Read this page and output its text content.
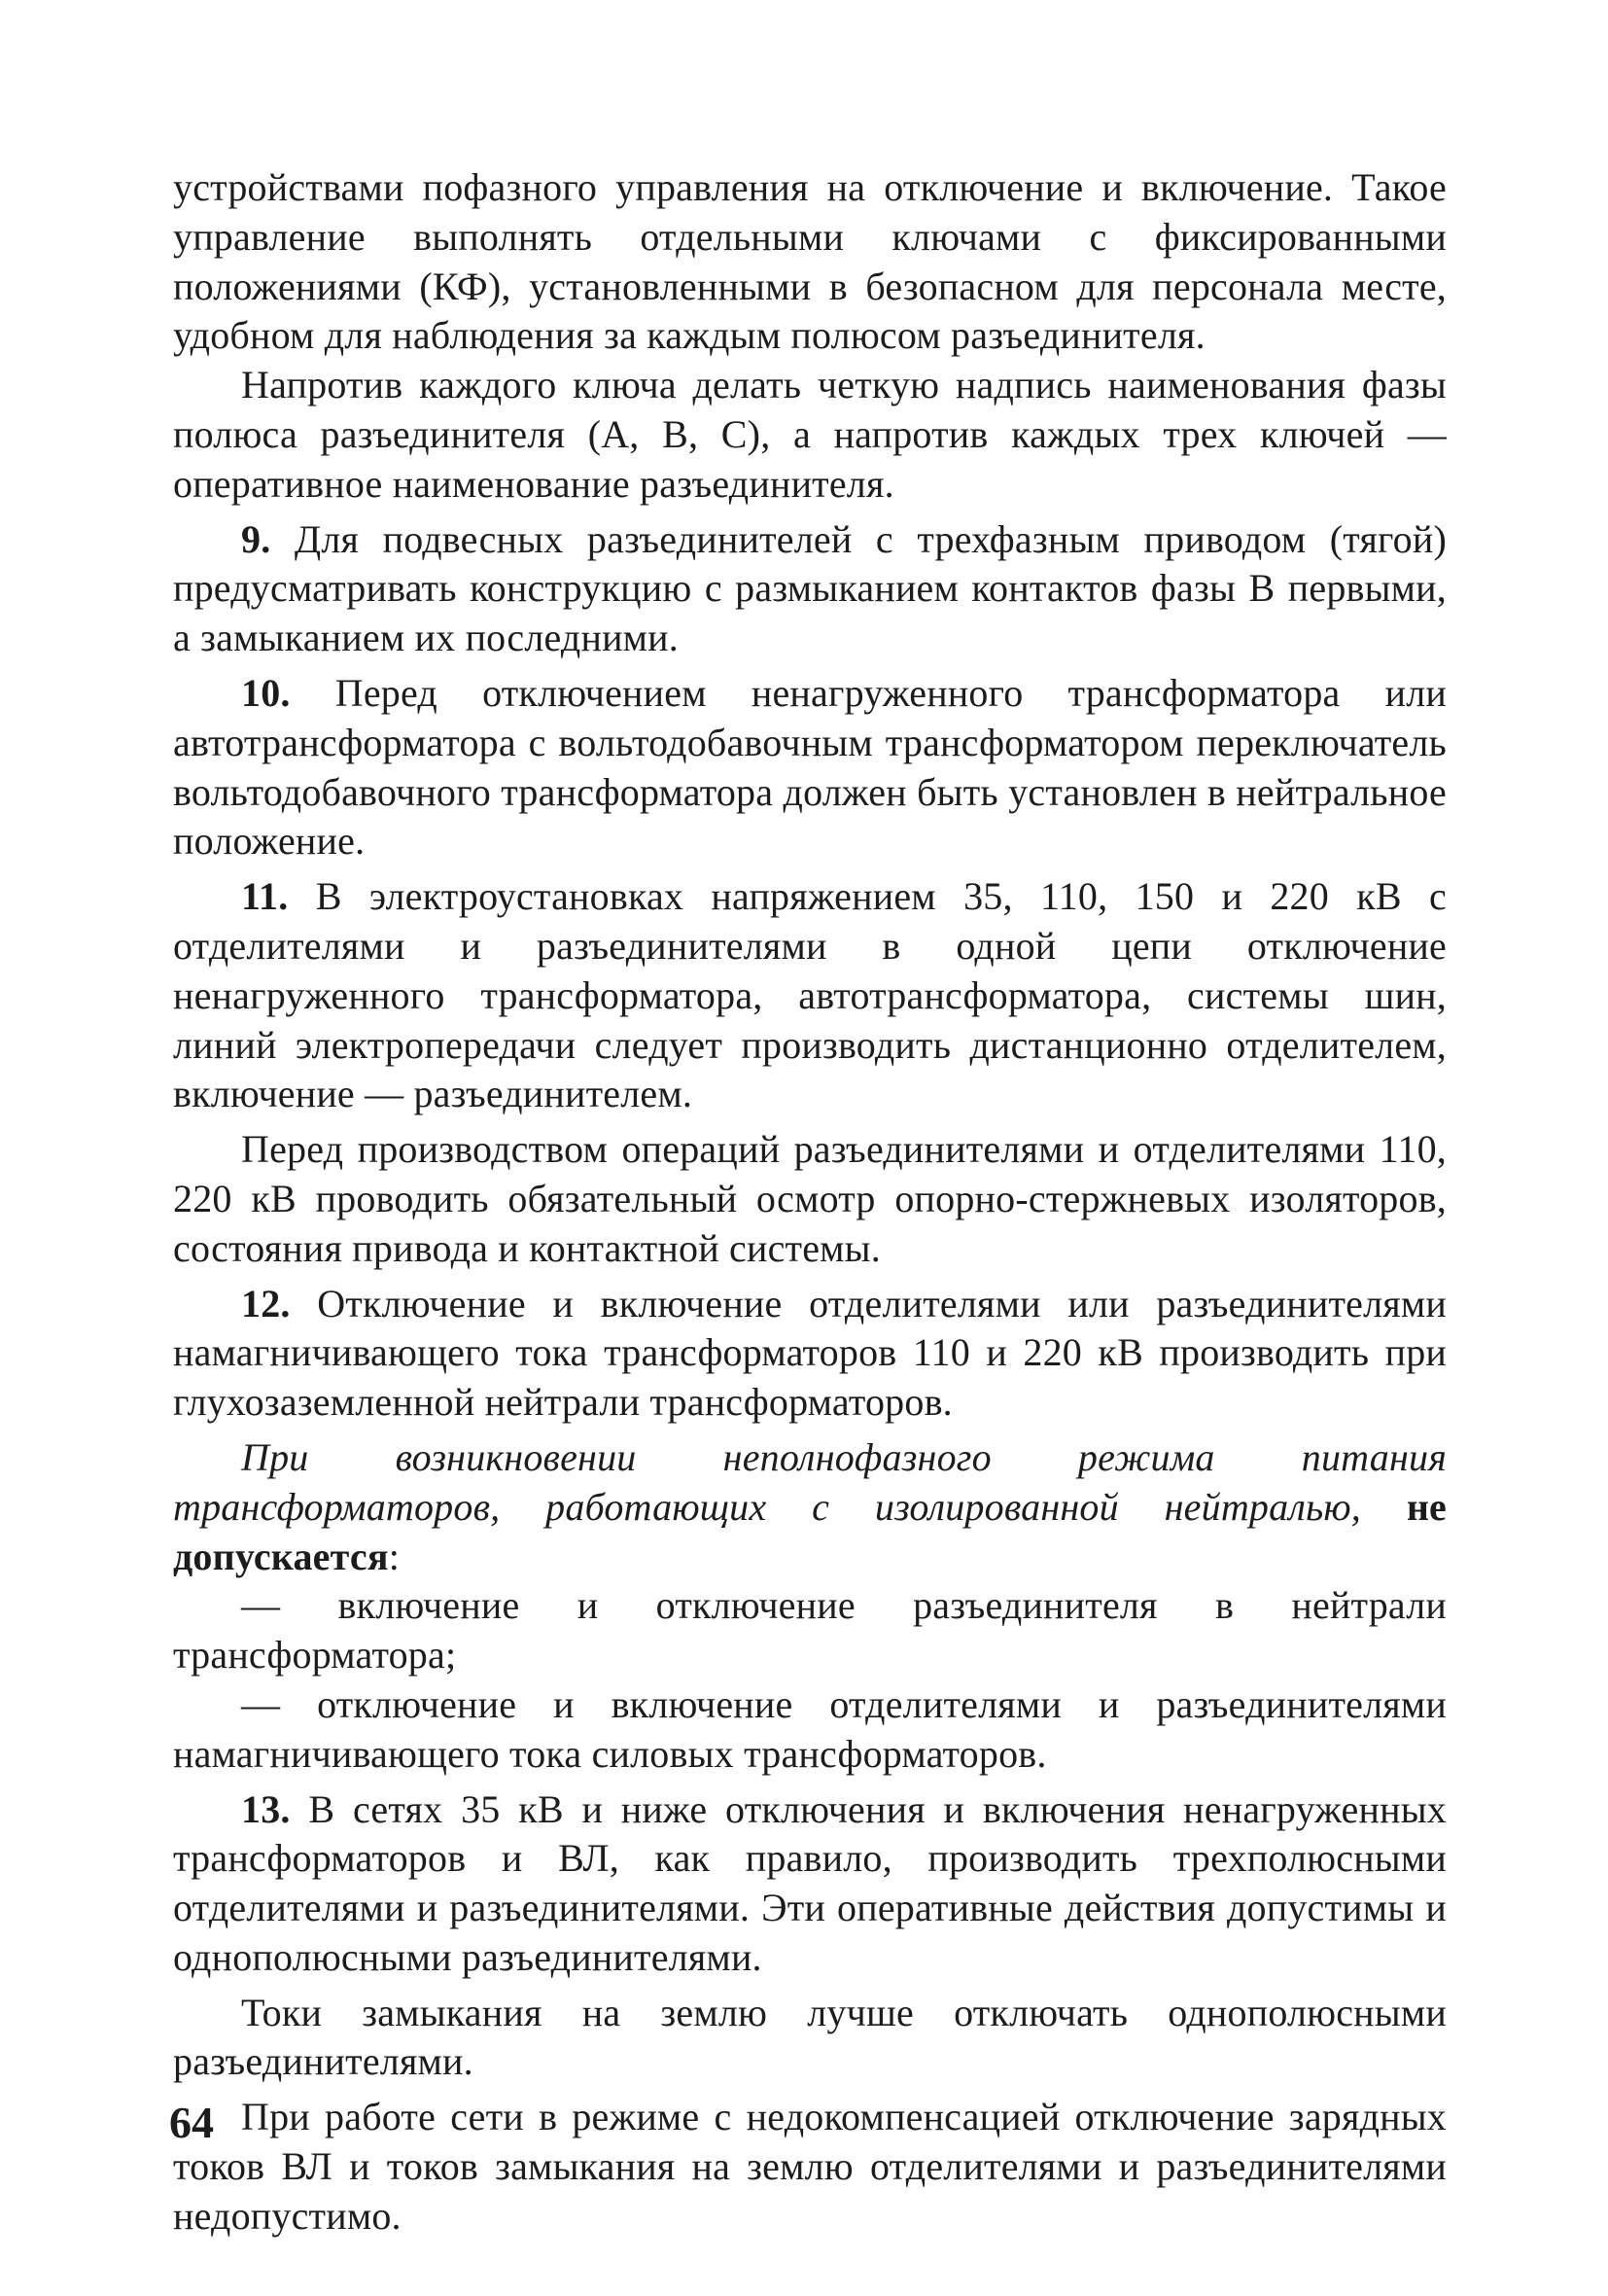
устройствами пофазного управления на отключение и включение. Такое управление выполнять отдельными ключами с фиксированными положениями (КФ), установленными в безопасном для персонала месте, удобном для наблюдения за каждым полюсом разъединителя.

Напротив каждого ключа делать четкую надпись наименования фазы полюса разъединителя (А, В, С), а напротив каждых трех ключей — оперативное наименование разъединителя.

9. Для подвесных разъединителей с трехфазным приводом (тягой) предусматривать конструкцию с размыканием контактов фазы В первыми, а замыканием их последними.

10. Перед отключением ненагруженного трансформатора или автотрансформатора с вольтодобавочным трансформатором переключатель вольтодобавочного трансформатора должен быть установлен в нейтральное положение.

11. В электроустановках напряжением 35, 110, 150 и 220 кВ с отделителями и разъединителями в одной цепи отключение ненагруженного трансформатора, автотрансформатора, системы шин, линий электропередачи следует производить дистанционно отделителем, включение — разъединителем.

Перед производством операций разъединителями и отделителями 110, 220 кВ проводить обязательный осмотр опорно-стержневых изоляторов, состояния привода и контактной системы.

12. Отключение и включение отделителями или разъединителями намагничивающего тока трансформаторов 110 и 220 кВ производить при глухозаземленной нейтрали трансформаторов.

При возникновении неполнофазного режима питания трансформаторов, работающих с изолированной нейтралью, не допускается:

— включение и отключение разъединителя в нейтрали трансформатора;

— отключение и включение отделителями и разъединителями намагничивающего тока силовых трансформаторов.

13. В сетях 35 кВ и ниже отключения и включения ненагруженных трансформаторов и ВЛ, как правило, производить трехполюсными отделителями и разъединителями. Эти оперативные действия допустимы и однополюсными разъединителями.

Токи замыкания на землю лучше отключать однополюсными разъединителями.

При работе сети в режиме с недокомпенсацией отключение зарядных токов ВЛ и токов замыкания на землю отделителями и разъединителями недопустимо.

64
